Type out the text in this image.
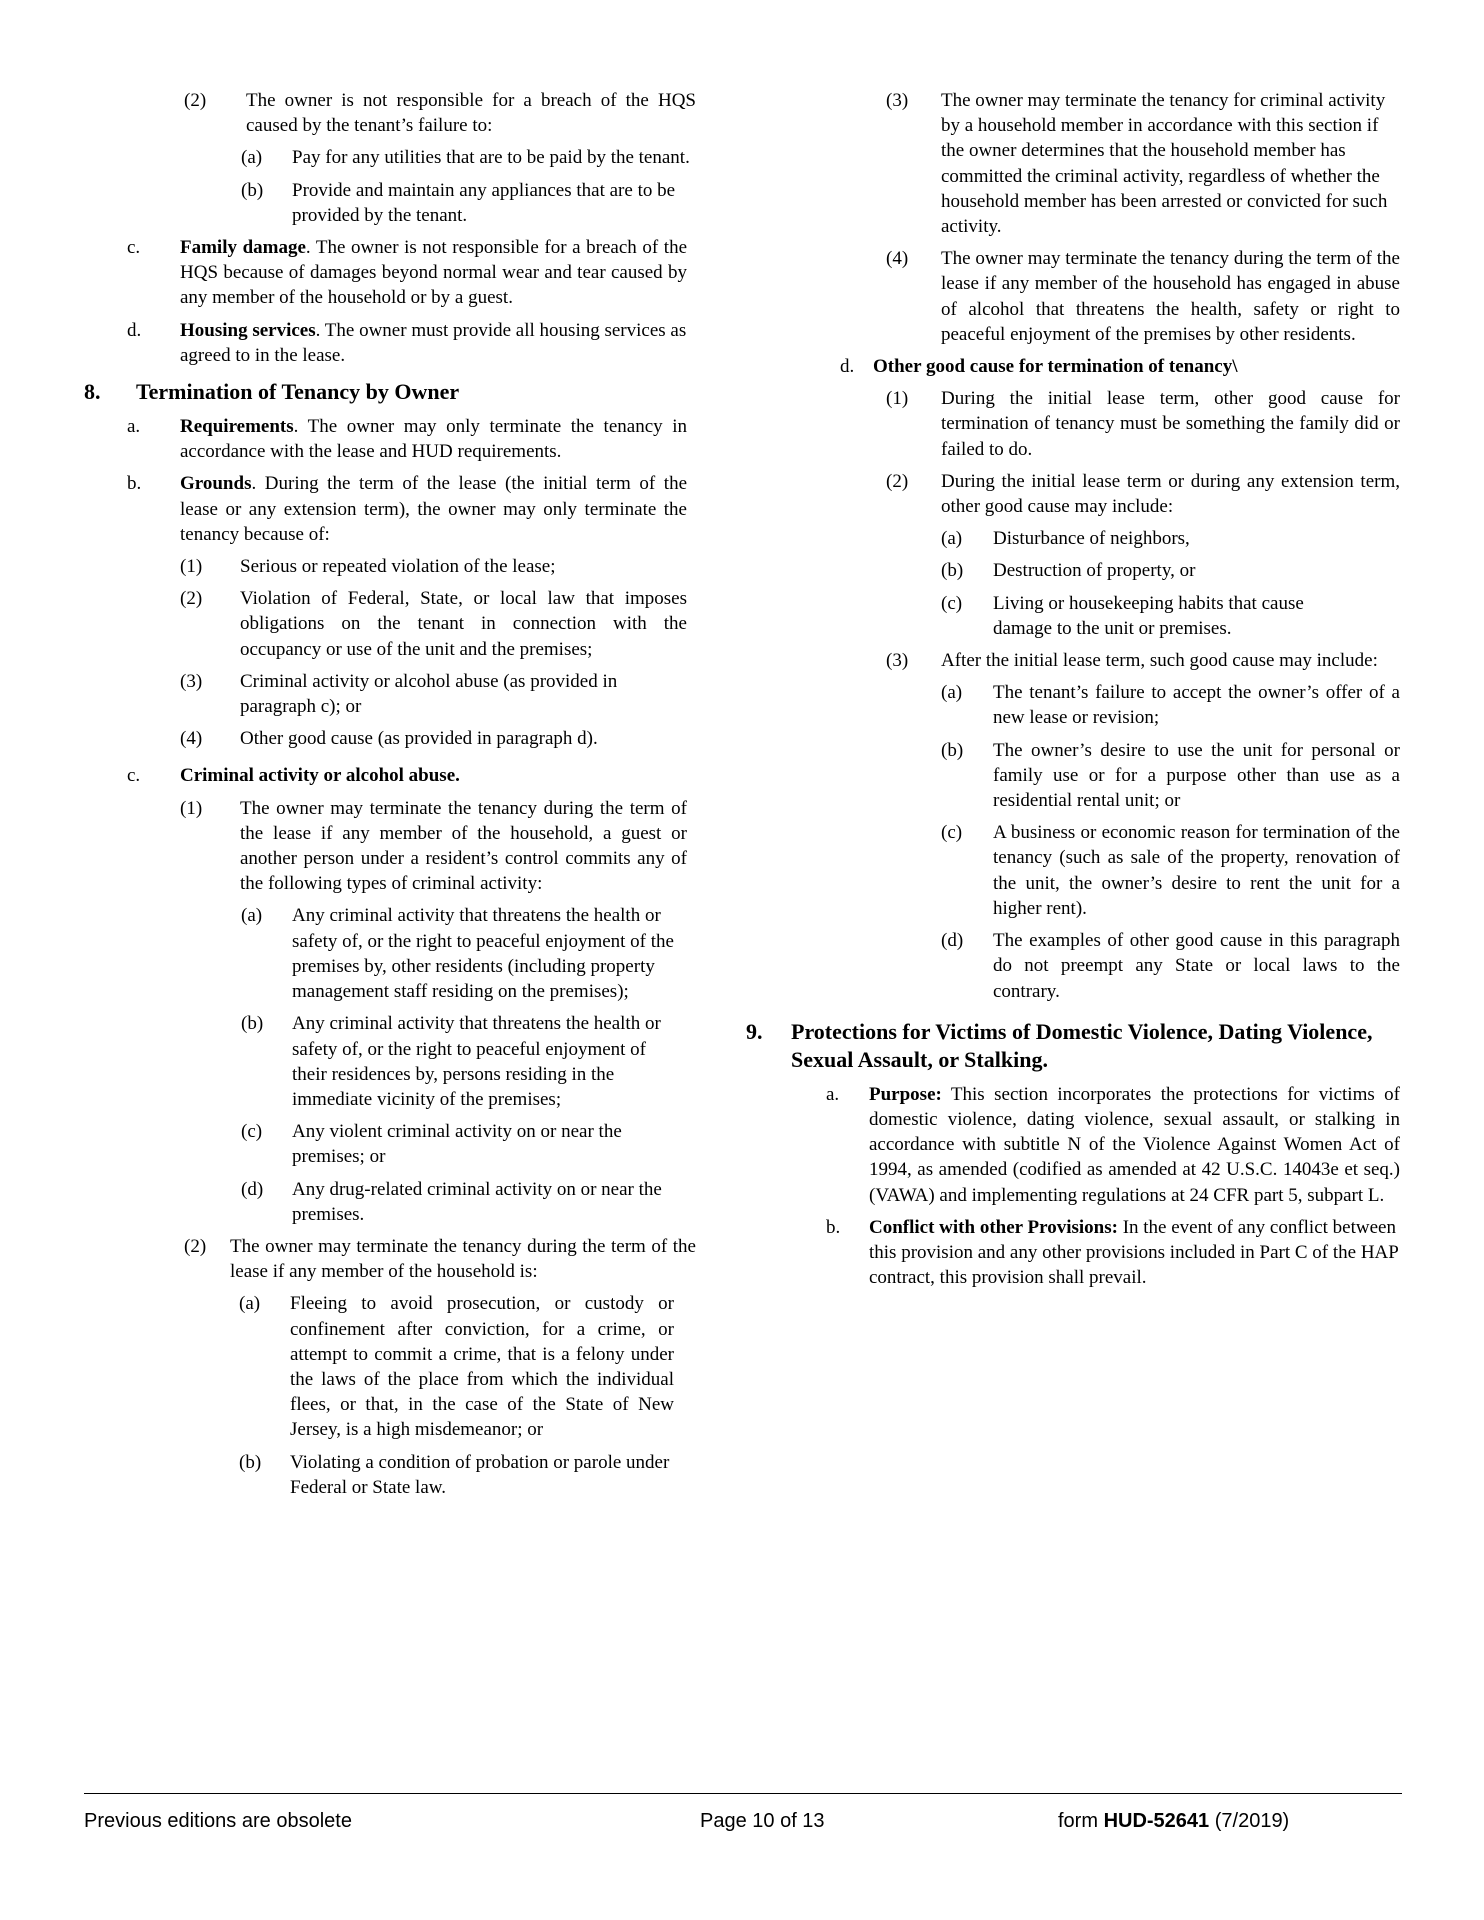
(2)	The owner is not responsible for a breach of the HQS caused by the tenant’s failure to:
(a)	Pay for any utilities that are to be paid by the tenant.
(b)	Provide and maintain any appliances that are to be provided by the tenant.
c.	Family damage. The owner is not responsible for a breach of the HQS because of damages beyond normal wear and tear caused by any member of the household or by a guest.
d.	Housing services. The owner must provide all housing services as agreed to in the lease.
8.	Termination of Tenancy by Owner
a.	Requirements. The owner may only terminate the tenancy in accordance with the lease and HUD requirements.
b.	Grounds. During the term of the lease (the initial term of the lease or any extension term), the owner may only terminate the tenancy because of:
(1)	Serious or repeated violation of the lease;
(2)	Violation of Federal, State, or local law that imposes obligations on the tenant in connection with the occupancy or use of the unit and the premises;
(3)	Criminal activity or alcohol abuse (as provided in paragraph c); or
(4)	Other good cause (as provided in paragraph d).
c.	Criminal activity or alcohol abuse.
(1)	The owner may terminate the tenancy during the term of the lease if any member of the household, a guest or another person under a resident’s control commits any of the following types of criminal activity:
(a)	Any criminal activity that threatens the health or safety of, or the right to peaceful enjoyment of the premises by, other residents (including property management staff residing on the premises);
(b)	Any criminal activity that threatens the health or safety of, or the right to peaceful enjoyment of their residences by, persons residing in the immediate vicinity of the premises;
(c)	Any violent criminal activity on or near the premises; or
(d)	Any drug-related criminal activity on or near the premises.
(2)	The owner may terminate the tenancy during the term of the lease if any member of the household is:
(a)	Fleeing to avoid prosecution, or custody or confinement after conviction, for a crime, or attempt to commit a crime, that is a felony under the laws of the place from which the individual flees, or that, in the case of the State of New Jersey, is a high misdemeanor; or
(b)	Violating a condition of probation or parole under Federal or State law.
(3)	The owner may terminate the tenancy for criminal activity by a household member in accordance with this section if the owner determines that the household member has committed the criminal activity, regardless of whether the household member has been arrested or convicted for such activity.
(4)	The owner may terminate the tenancy during the term of the lease if any member of the household has engaged in abuse of alcohol that threatens the health, safety or right to peaceful enjoyment of the premises by other residents.
d. Other good cause for termination of tenancy\
(1)	During the initial lease term, other good cause for termination of tenancy must be something the family did or failed to do.
(2)	During the initial lease term or during any extension term, other good cause may include:
(a)	Disturbance of neighbors,
(b)	Destruction of property, or
(c)	Living or housekeeping habits that cause damage to the unit or premises.
(3)	After the initial lease term, such good cause may include:
(a)	The tenant’s failure to accept the owner’s offer of a new lease or revision;
(b)	The owner’s desire to use the unit for personal or family use or for a purpose other than use as a residential rental unit; or
(c)	A business or economic reason for termination of the tenancy (such as sale of the property, renovation of the unit, the owner’s desire to rent the unit for a higher rent).
(d)	The examples of other good cause in this paragraph do not preempt any State or local laws to the contrary.
9.	Protections for Victims of Domestic Violence, Dating Violence, Sexual Assault, or Stalking.
a.	Purpose: This section incorporates the protections for victims of domestic violence, dating violence, sexual assault, or stalking in accordance with subtitle N of the Violence Against Women Act of 1994, as amended (codified as amended at 42 U.S.C. 14043e et seq.) (VAWA) and implementing regulations at 24 CFR part 5, subpart L.
b.	Conflict with other Provisions: In the event of any conflict between this provision and any other provisions included in Part C of the HAP contract, this provision shall prevail.
Previous editions are obsolete	Page 10 of 13	form HUD-52641 (7/2019)
